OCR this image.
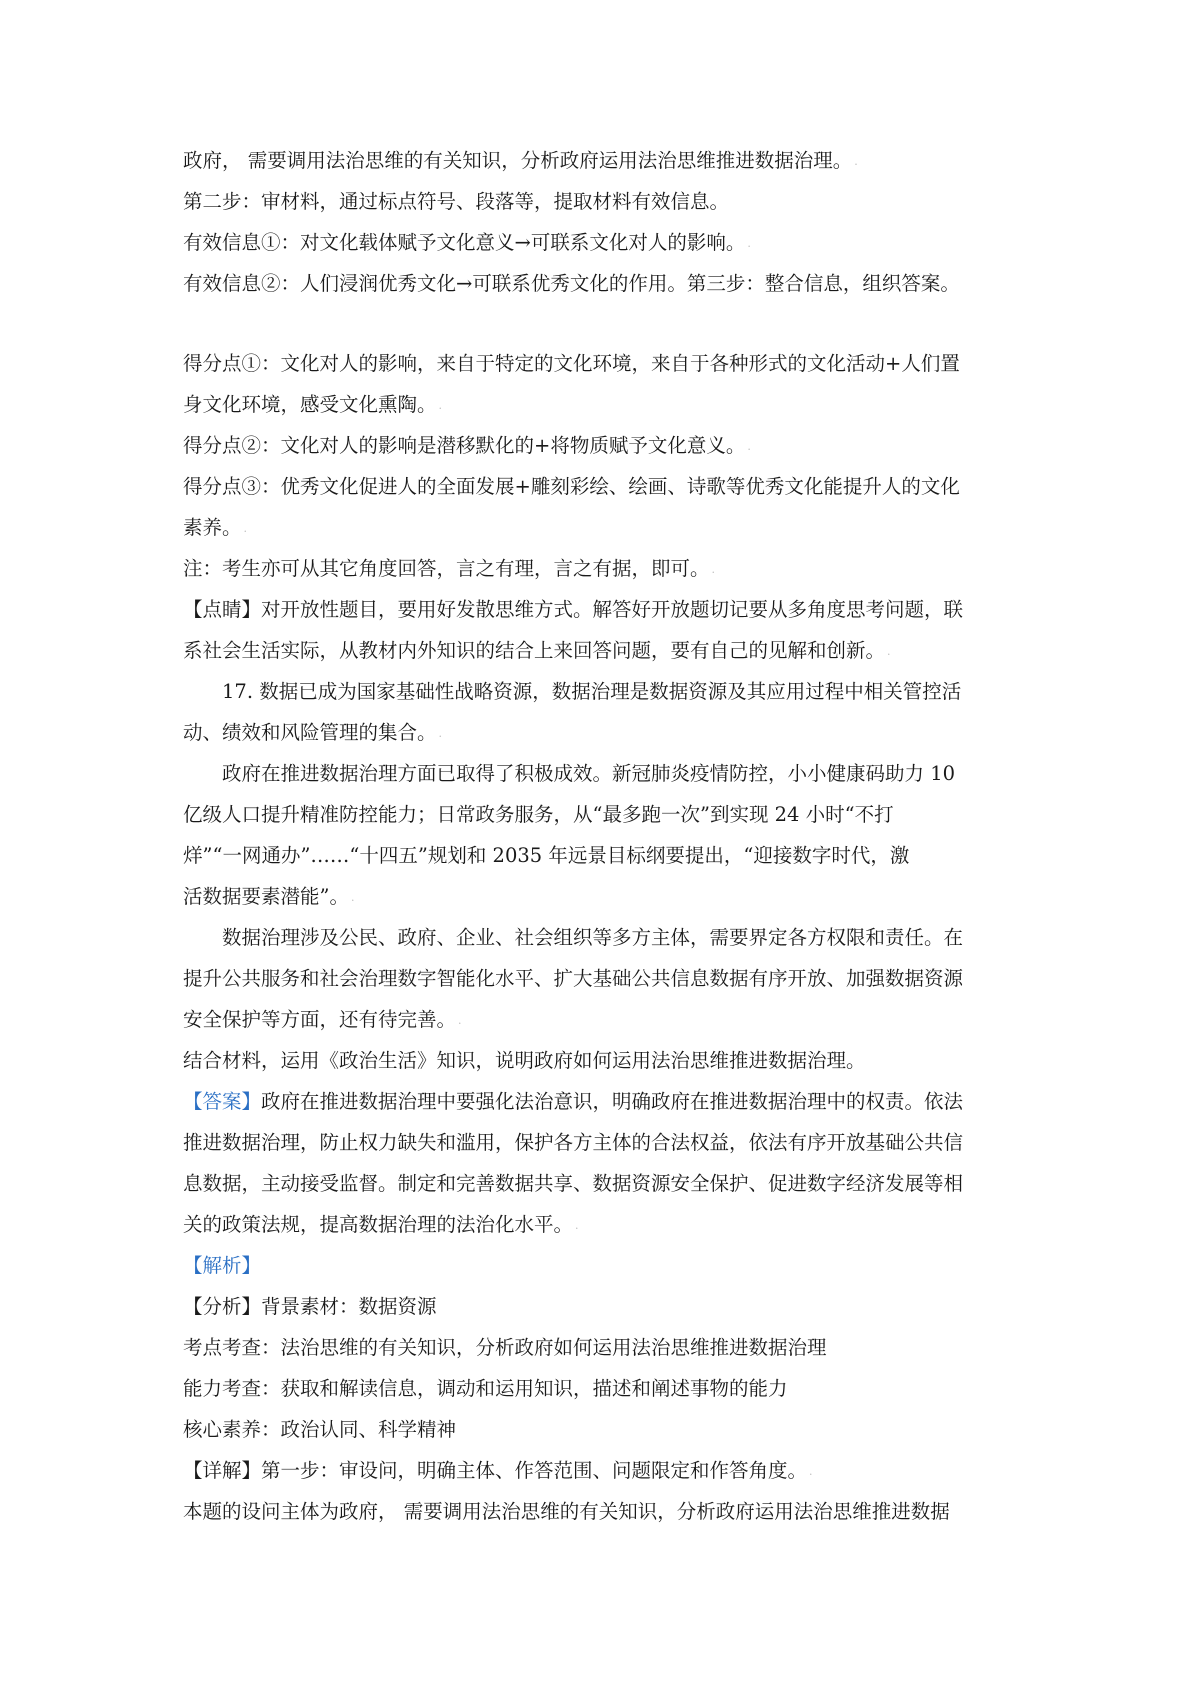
政府， 需要调用法治思维的有关知识，分析政府运用法治思维推进数据治理。 .
第二步：审材料，通过标点符号、段落等，提取材料有效信息。
有效信息①：对文化载体赋予文化意义→可联系文化对人的影响。 .
有效信息②：人们浸润优秀文化→可联系优秀文化的作用。第三步：整合信息，组织答案。
得分点①：文化对人的影响，来自于特定的文化环境，来自于各种形式的文化活动+人们置
身文化环境，感受文化熏陶。 .
得分点②：文化对人的影响是潜移默化的+将物质赋予文化意义。 .
得分点③：优秀文化促进人的全面发展+雕刻彩绘、绘画、诗歌等优秀文化能提升人的文化
素养。 .
注：考生亦可从其它角度回答，言之有理，言之有据，即可。 .
【点睛】对开放性题目，要用好发散思维方式。解答好开放题切记要从多角度思考问题，联
系社会生活实际，从教材内外知识的结合上来回答问题，要有自己的见解和创新。 .
17. 数据已成为国家基础性战略资源，数据治理是数据资源及其应用过程中相关管控活
动、绩效和风险管理的集合。 .
政府在推进数据治理方面已取得了积极成效。新冠肺炎疫情防控，小小健康码助力 10
亿级人口提升精准防控能力；日常政务服务，从“最多跑一次”到实现 24 小时“不打
烊”“一网通办”……“十四五”规划和 2035 年远景目标纲要提出，“迎接数字时代，激
活数据要素潜能”。 .
数据治理涉及公民、政府、企业、社会组织等多方主体，需要界定各方权限和责任。在
提升公共服务和社会治理数字智能化水平、扩大基础公共信息数据有序开放、加强数据资源
安全保护等方面，还有待完善。 .
结合材料，运用《政治生活》知识，说明政府如何运用法治思维推进数据治理。
【答案】政府在推进数据治理中要强化法治意识，明确政府在推进数据治理中的权责。依法
推进数据治理，防止权力缺失和滥用，保护各方主体的合法权益，依法有序开放基础公共信
息数据，主动接受监督。制定和完善数据共享、数据资源安全保护、促进数字经济发展等相
关的政策法规，提高数据治理的法治化水平。 .
【解析】
【分析】背景素材：数据资源
考点考查：法治思维的有关知识，分析政府如何运用法治思维推进数据治理
能力考查：获取和解读信息，调动和运用知识，描述和阐述事物的能力
核心素养：政治认同、科学精神
【详解】第一步：审设问，明确主体、作答范围、问题限定和作答角度。 .
本题的设问主体为政府， 需要调用法治思维的有关知识，分析政府运用法治思维推进数据
